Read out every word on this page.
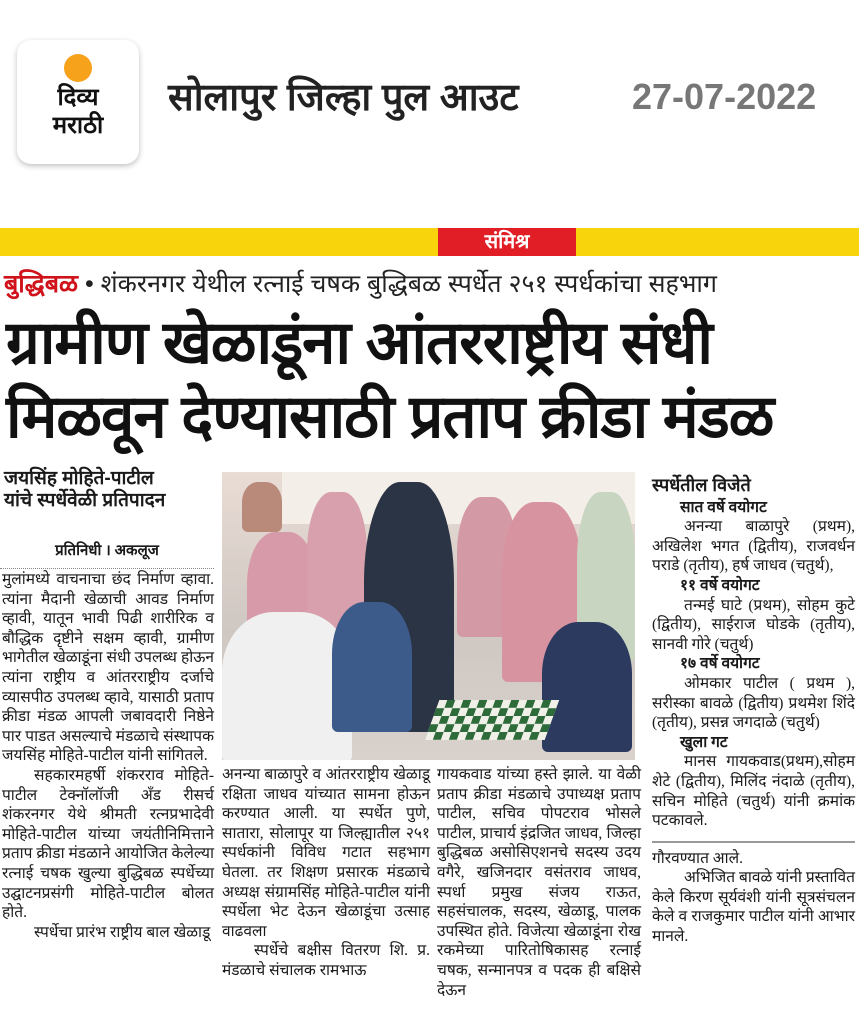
दिव्य
मराठी
सोलापुर जिल्हा पुल आउट	27-07-2022
संमिश्र
बुद्धिबळ • शंकरनगर येथील रत्नाई चषक बुद्धिबळ स्पर्धेत २५१ स्पर्धकांचा सहभाग
ग्रामीण खेळाडूंना आंतरराष्ट्रीय संधी
मिळवून देण्यासाठी प्रताप क्रीडा मंडळ
जयसिंह मोहिते-पाटील
यांचे स्पर्धेवेळी प्रतिपादन
प्रतिनिधी । अकलूज

मुलांमध्ये वाचनाचा छंद निर्माण व्हावा. त्यांना मैदानी खेळाची आवड निर्माण व्हावी, यातून भावी पिढी शारीरिक व बौद्धिक दृष्टीने सक्षम व्हावी, ग्रामीण भागेतील खेळाडूंना संधी उपलब्ध होऊन त्यांना राष्ट्रीय व आंतरराष्ट्रीय दर्जाचे व्यासपीठ उपलब्ध व्हावे, यासाठी प्रताप क्रीडा मंडळ आपली जबावदारी निष्ठेने पार पाडत असल्याचे मंडळाचे संस्थापक जयसिंह मोहिते-पाटील यांनी सांगितले.

सहकारमहर्षी शंकरराव मोहिते-पाटील टेक्नॉलॉजी अँड रीसर्च शंकरनगर येथे श्रीमती रत्नप्रभादेवी मोहिते-पाटील यांच्या जयंतीनिमित्ताने प्रताप क्रीडा मंडळाने आयोजित केलेल्या रत्नाई चषक खुल्या बुद्धिबळ स्पर्धेच्या उद्घाटनप्रसंगी मोहिते-पाटील बोलत होते.

स्पर्धेचा प्रारंभ राष्ट्रीय बाल खेळाडू

अनन्या बाळापुरे व आंतरराष्ट्रीय खेळाडू रक्षिता जाधव यांच्यात सामना होऊन करण्यात आली. या स्पर्धेत पुणे, सातारा, सोलापूर या जिल्ह्यातील २५१ स्पर्धकांनी विविध गटात सहभाग घेतला. तर शिक्षण प्रसारक मंडळाचे अध्यक्ष संग्रामसिंह मोहिते-पाटील यांनी स्पर्धेला भेट देऊन खेळाडूंचा उत्साह वाढवला

स्पर्धेचे बक्षीस वितरण शि. प्र. मंडळाचे संचालक रामभाऊ

गायकवाड यांच्या हस्ते झाले. या वेळी प्रताप क्रीडा मंडळाचे उपाध्यक्ष प्रताप पाटील, सचिव पोपटराव भोसले पाटील, प्राचार्य इंद्रजित जाधव, जिल्हा बुद्धिबळ असोसिएशनचे सदस्य उदय वगैरे, खजिनदार वसंतराव जाधव, स्पर्धा प्रमुख संजय राऊत, सहसंचालक, सदस्य, खेळाडू, पालक उपस्थित होते. विजेत्या खेळाडूंना रोख रकमेच्या पारितोषिकासह रत्नाई चषक, सन्मानपत्र व पदक ही बक्षिसे देऊन

स्पर्धेतील विजेते
सात वर्षे वयोगट

अनन्या बाळापुरे (प्रथम), अखिलेश भगत (द्वितीय), राजवर्धन पराडे (तृतीय), हर्ष जाधव (चतुर्थ),

११ वर्षे वयोगट

तन्मई घाटे (प्रथम), सोहम कुटे (द्वितीय), साईराज घोडके (तृतीय), सानवी गोरे (चतुर्थ)

१७ वर्षे वयोगट

ओमकार पाटील ( प्रथम ), सरीस्का बावळे (द्वितीय) प्रथमेश शिंदे (तृतीय), प्रसन्न जगदाळे (चतुर्थ)

खुला गट

मानस गायकवाड(प्रथम),सोहम शेटे (द्वितीय), मिलिंद नंदाळे (तृतीय), सचिन मोहिते (चतुर्थ) यांनी क्रमांक पटकावले.

गौरवण्यात आले.

अभिजित बावळे यांनी प्रस्तावित केले किरण सूर्यवंशी यांनी सूत्रसंचलन केले व राजकुमार पाटील यांनी आभार मानले.
